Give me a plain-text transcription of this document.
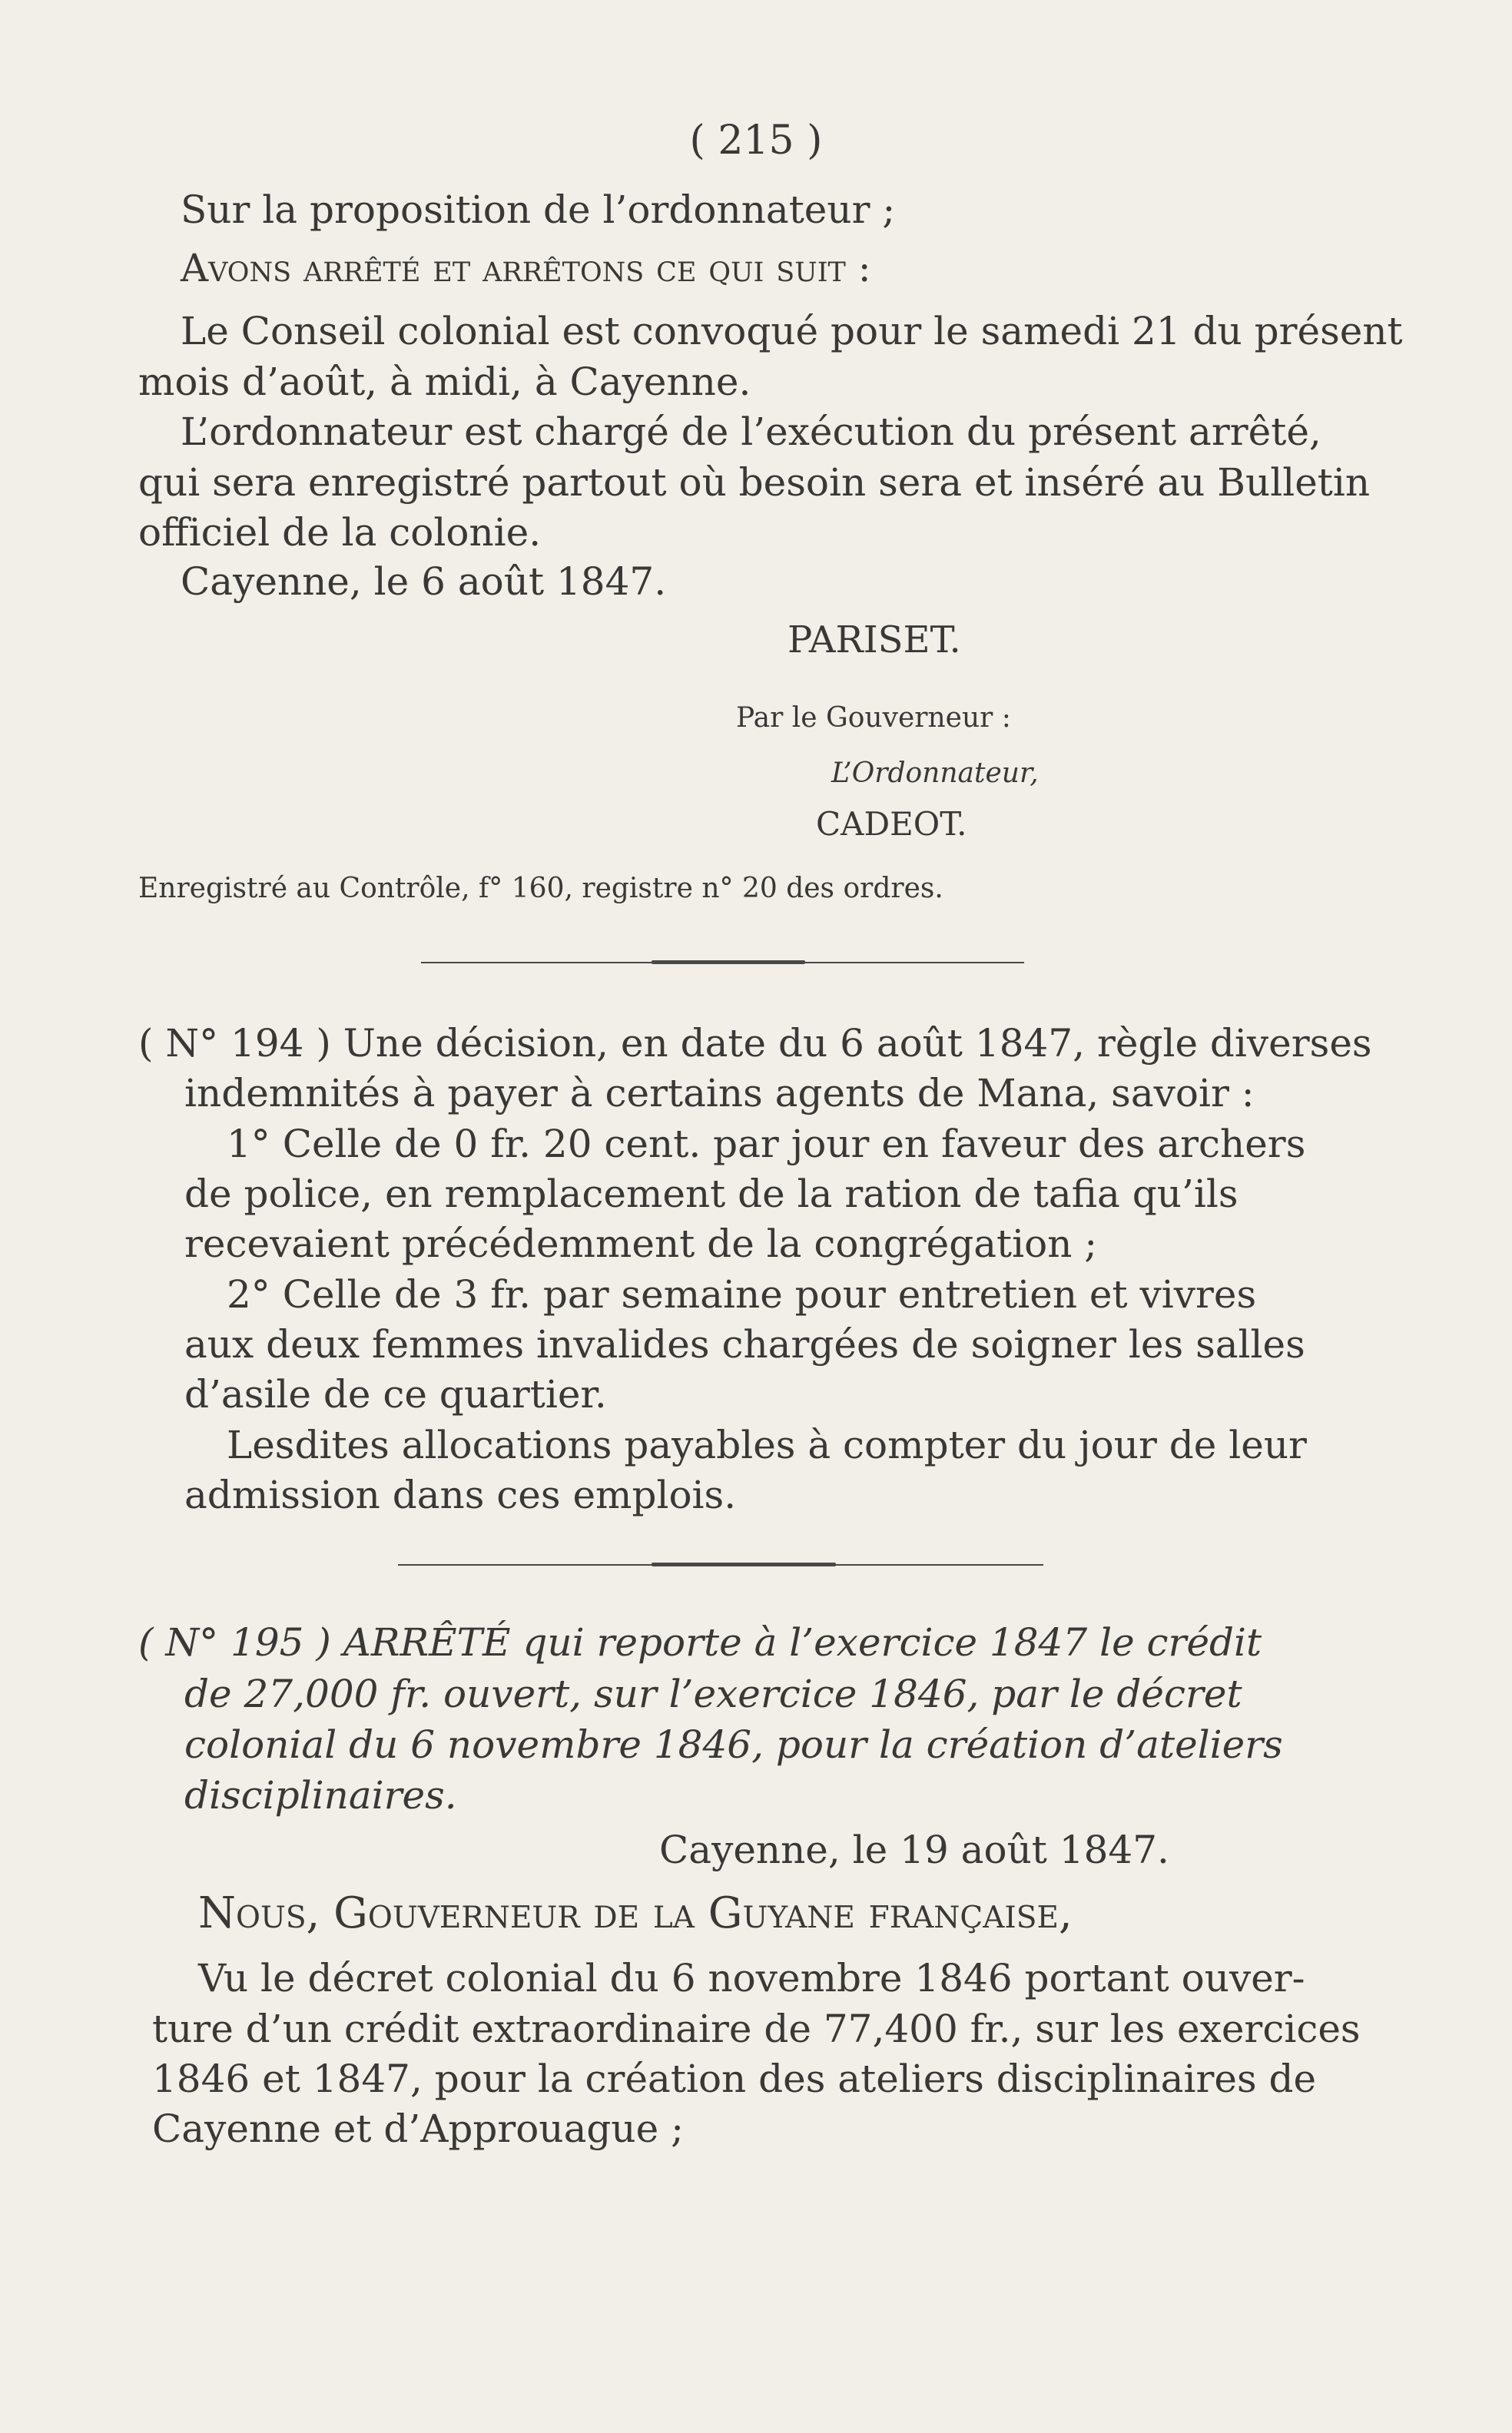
( 215 )
Sur la proposition de l’ordonnateur ;
Avons arrêté et arrêtons ce qui suit :
Le Conseil colonial est convoqué pour le samedi 21 du présent
mois d’août, à midi, à Cayenne.
L’ordonnateur est chargé de l’exécution du présent arrêté,
qui sera enregistré partout où besoin sera et inséré au Bulletin
officiel de la colonie.
Cayenne, le 6 août 1847.
PARISET.
Par le Gouverneur :
L’Ordonnateur,
CADEOT.
Enregistré au Contrôle, f° 160, registre n° 20 des ordres.
( N° 194 ) Une décision, en date du 6 août 1847, règle diverses
indemnités à payer à certains agents de Mana, savoir :
1° Celle de 0 fr. 20 cent. par jour en faveur des archers
de police, en remplacement de la ration de tafia qu’ils
recevaient précédemment de la congrégation ;
2° Celle de 3 fr. par semaine pour entretien et vivres
aux deux femmes invalides chargées de soigner les salles
d’asile de ce quartier.
Lesdites allocations payables à compter du jour de leur
admission dans ces emplois.
( N° 195 ) ARRÊTÉ qui reporte à l’exercice 1847 le crédit
de 27,000 fr. ouvert, sur l’exercice 1846, par le décret
colonial du 6 novembre 1846, pour la création d’ateliers
disciplinaires.
Cayenne, le 19 août 1847.
Nous, Gouverneur de la Guyane française,
Vu le décret colonial du 6 novembre 1846 portant ouver-
ture d’un crédit extraordinaire de 77,400 fr., sur les exercices
1846 et 1847, pour la création des ateliers disciplinaires de
Cayenne et d’Approuague ;
